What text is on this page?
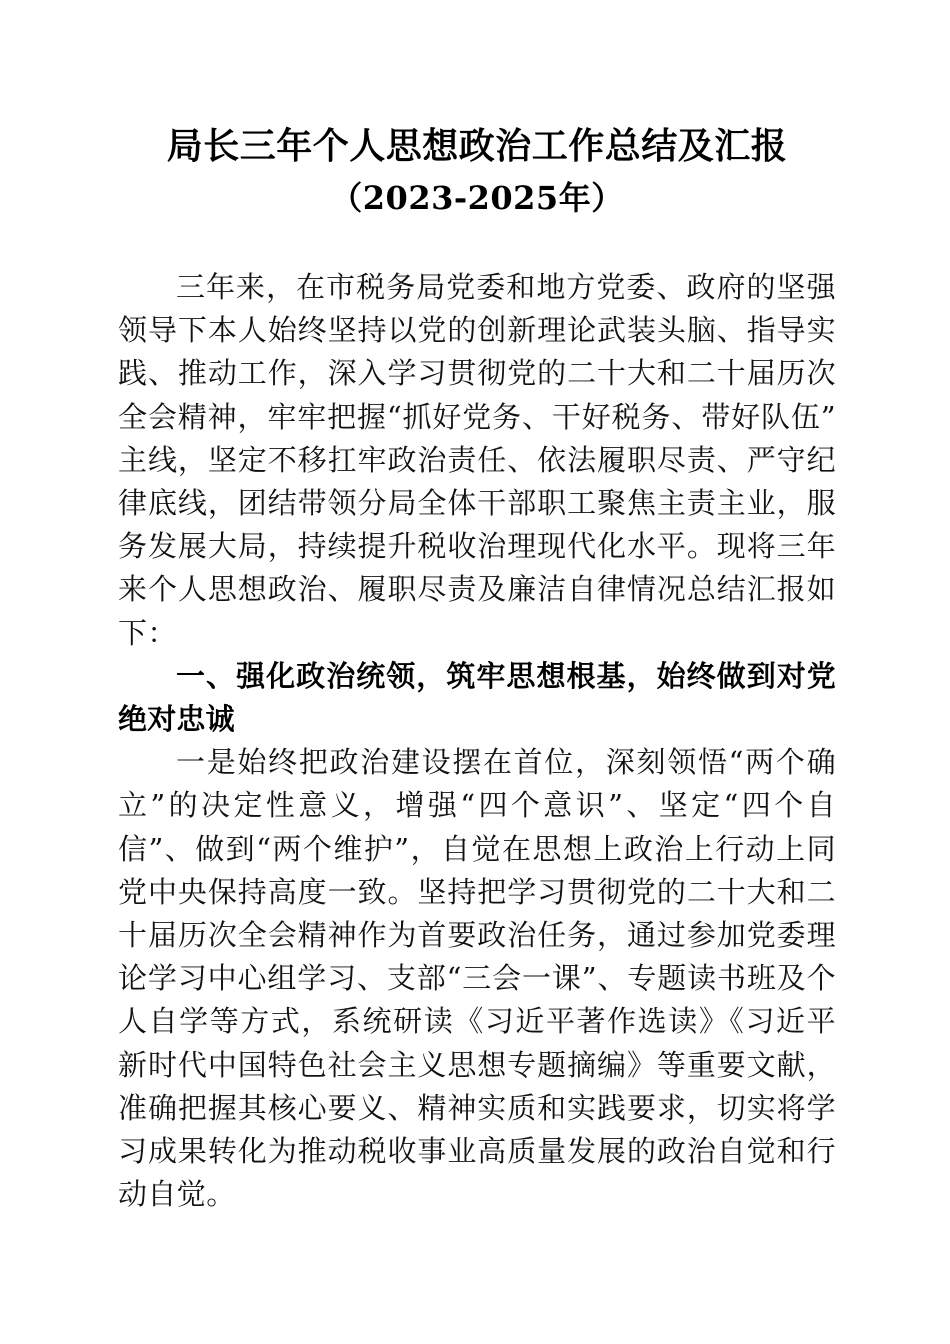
局长三年个人思想政治工作总结及汇报
（2023-2025年）

三年来，在市税务局党委和地方党委、政府的坚强领导下本人始终坚持以党的创新理论武装头脑、指导实践、推动工作，深入学习贯彻党的二十大和二十届历次全会精神，牢牢把握“抓好党务、干好税务、带好队伍”主线，坚定不移扛牢政治责任、依法履职尽责、严守纪律底线，团结带领分局全体干部职工聚焦主责主业，服务发展大局，持续提升税收治理现代化水平。现将三年来个人思想政治、履职尽责及廉洁自律情况总结汇报如下：

一、强化政治统领，筑牢思想根基，始终做到对党绝对忠诚

一是始终把政治建设摆在首位，深刻领悟“两个确立”的决定性意义，增强“四个意识”、坚定“四个自信”、做到“两个维护”，自觉在思想上政治上行动上同党中央保持高度一致。坚持把学习贯彻党的二十大和二十届历次全会精神作为首要政治任务，通过参加党委理论学习中心组学习、支部“三会一课”、专题读书班及个人自学等方式，系统研读《习近平著作选读》《习近平新时代中国特色社会主义思想专题摘编》等重要文献，准确把握其核心要义、精神实质和实践要求，切实将学习成果转化为推动税收事业高质量发展的政治自觉和行动自觉。
